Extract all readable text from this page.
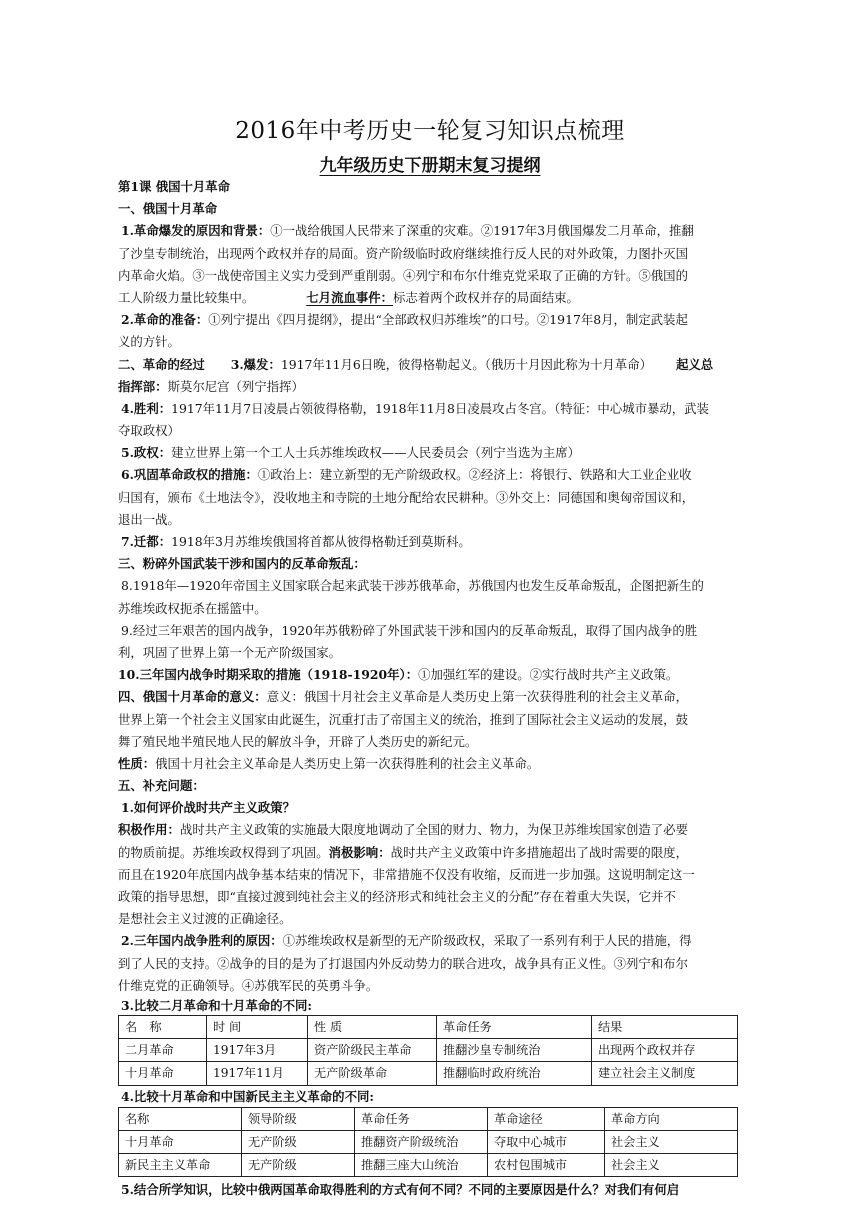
2016年中考历史一轮复习知识点梳理
九年级历史下册期末复习提纲
第1课 俄国十月革命
一、俄国十月革命
1.革命爆发的原因和背景：①一战给俄国人民带来了深重的灾难。②1917年3月俄国爆发二月革命，推翻
了沙皇专制统治，出现两个政权并存的局面。资产阶级临时政府继续推行反人民的对外政策，力图扑灭国
内革命火焰。③一战使帝国主义实力受到严重削弱。④列宁和布尔什维克党采取了正确的方针。⑤俄国的
工人阶级力量比较集中。	七月流血事件：标志着两个政权并存的局面结束。
2.革命的准备：①列宁提出《四月提纲》，提出“全部政权归苏维埃”的口号。②1917年8月，制定武装起
义的方针。
二、革命的经过 3.爆发：1917年11月6日晚，彼得格勒起义。（俄历十月因此称为十月革命） 起义总
指挥部：斯莫尔尼宫（列宁指挥）
4.胜利：1917年11月7日凌晨占领彼得格勒，1918年11月8日凌晨攻占冬宫。（特征：中心城市暴动，武装
夺取政权）
5.政权：建立世界上第一个工人士兵苏维埃政权——人民委员会（列宁当选为主席）
6.巩固革命政权的措施：①政治上：建立新型的无产阶级政权。②经济上：将银行、铁路和大工业企业收
归国有，颁布《土地法令》，没收地主和寺院的土地分配给农民耕种。③外交上：同德国和奥匈帝国议和，
退出一战。
7.迁都：1918年3月苏维埃俄国将首都从彼得格勒迁到莫斯科。
三、粉碎外国武装干涉和国内的反革命叛乱：
8.1918年—1920年帝国主义国家联合起来武装干涉苏俄革命，苏俄国内也发生反革命叛乱，企图把新生的
苏维埃政权扼杀在摇篮中。
9.经过三年艰苦的国内战争，1920年苏俄粉碎了外国武装干涉和国内的反革命叛乱，取得了国内战争的胜
利，巩固了世界上第一个无产阶级国家。
10.三年国内战争时期采取的措施（1918-1920年）：①加强红军的建设。②实行战时共产主义政策。
四、俄国十月革命的意义：意义：俄国十月社会主义革命是人类历史上第一次获得胜利的社会主义革命，
世界上第一个社会主义国家由此诞生，沉重打击了帝国主义的统治，推到了国际社会主义运动的发展，鼓
舞了殖民地半殖民地人民的解放斗争，开辟了人类历史的新纪元。
性质：俄国十月社会主义革命是人类历史上第一次获得胜利的社会主义革命。
五、补充问题：
1.如何评价战时共产主义政策？
积极作用：战时共产主义政策的实施最大限度地调动了全国的财力、物力，为保卫苏维埃国家创造了必要
的物质前提。苏维埃政权得到了巩固。消极影响：战时共产主义政策中许多措施超出了战时需要的限度，
而且在1920年底国内战争基本结束的情况下，非常措施不仅没有收缩，反而进一步加强。这说明制定这一
政策的指导思想，即“直接过渡到纯社会主义的经济形式和纯社会主义的分配”存在着重大失误，它并不
是想社会主义过渡的正确途径。
2.三年国内战争胜利的原因：①苏维埃政权是新型的无产阶级政权，采取了一系列有利于人民的措施，得
到了人民的支持。②战争的目的是为了打退国内外反动势力的联合进攻，战争具有正义性。③列宁和布尔
什维克党的正确领导。④苏俄军民的英勇斗争。
3.比较二月革命和十月革命的不同:
名　称	时 间	性 质	革命任务	结果
二月革命	1917年3月	资产阶级民主革命	推翻沙皇专制统治	出现两个政权并存
十月革命	1917年11月	无产阶级革命	推翻临时政府统治	建立社会主义制度
4.比较十月革命和中国新民主主义革命的不同:
名称	领导阶级	革命任务	革命途径	革命方向
十月革命	无产阶级	推翻资产阶级统治	夺取中心城市	社会主义
新民主主义革命	无产阶级	推翻三座大山统治	农村包围城市	社会主义
5.结合所学知识，比较中俄两国革命取得胜利的方式有何不同？不同的主要原因是什么？对我们有何启
